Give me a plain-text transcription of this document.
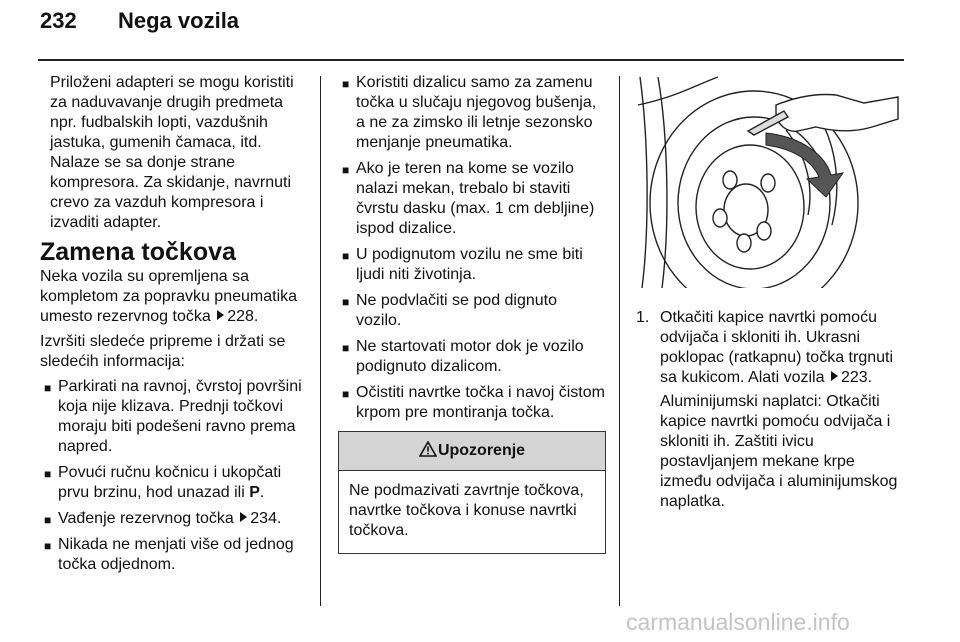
232 Nega vozila

Priloženi adapteri se mogu koristiti za naduvavanje drugih predmeta npr. fudbalskih lopti, vazdušnih jastuka, gumenih čamaca, itd. Nalaze se sa donje strane kompresora. Za skidanje, navrnuti crevo za vazduh kompresora i izvaditi adapter.

Zamena točkova

Neka vozila su opremljena sa kompletom za popravku pneumatika umesto rezervnog točka 228.

Izvršiti sledeće pripreme i držati se sledećih informacija:

■ Parkirati na ravnoj, čvrstoj površini koja nije klizava. Prednji točkovi moraju biti podešeni ravno prema napred.
■ Povući ručnu kočnicu i ukopčati prvu brzinu, hod unazad ili P.
■ Vađenje rezervnog točka 234.
■ Nikada ne menjati više od jednog točka odjednom.
■ Koristiti dizalicu samo za zamenu točka u slučaju njegovog bušenja, a ne za zimsko ili letnje sezonsko menjanje pneumatika.
■ Ako je teren na kome se vozilo nalazi mekan, trebalo bi staviti čvrstu dasku (max. 1 cm debljine) ispod dizalice.
■ U podignutom vozilu ne sme biti ljudi niti životinja.
■ Ne podvlačiti se pod dignuto vozilo.
■ Ne startovati motor dok je vozilo podignuto dizalicom.
■ Očistiti navrtke točka i navoj čistom krpom pre montiranja točka.
Upozorenje
Ne podmazivati zavrtnje točkova, navrtke točkova i konuse navrtki točkova.
1. Otkačiti kapice navrtki pomoću odvijača i skloniti ih. Ukrasni poklopac (ratkapnu) točka trgnuti sa kukicom. Alati vozila 223.

Aluminijumski naplatci: Otkačiti kapice navrtki pomoću odvijača i skloniti ih. Zaštiti ivicu postavljanjem mekane krpe između odvijača i aluminijumskog naplatka.

carmanualsonline.info
